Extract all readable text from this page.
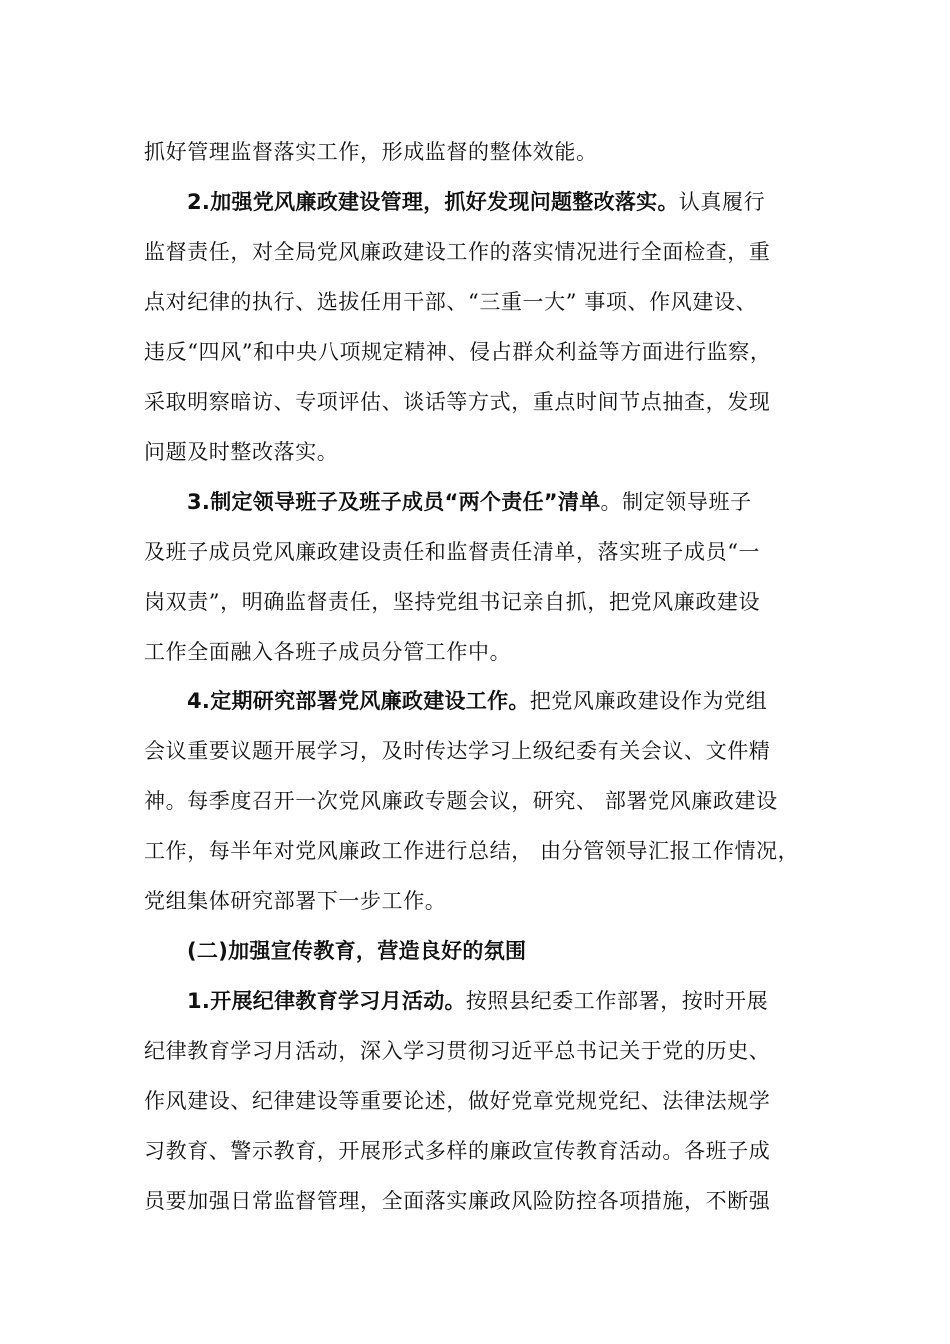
抓好管理监督落实工作，形成监督的整体效能。
2.加强党风廉政建设管理，抓好发现问题整改落实。认真履行
监督责任，对全局党风廉政建设工作的落实情况进行全面检查，重
点对纪律的执行、选拔任用干部、“三重一大” 事项、作风建设、
违反“四风”和中央八项规定精神、侵占群众利益等方面进行监察，
采取明察暗访、专项评估、谈话等方式，重点时间节点抽查，发现
问题及时整改落实。
3.制定领导班子及班子成员“两个责任”清单。制定领导班子
及班子成员党风廉政建设责任和监督责任清单，落实班子成员“一
岗双责”，明确监督责任，坚持党组书记亲自抓，把党风廉政建设
工作全面融入各班子成员分管工作中。
4.定期研究部署党风廉政建设工作。把党风廉政建设作为党组
会议重要议题开展学习，及时传达学习上级纪委有关会议、文件精
神。每季度召开一次党风廉政专题会议，研究、 部署党风廉政建设
工作，每半年对党风廉政工作进行总结， 由分管领导汇报工作情况，
党组集体研究部署下一步工作。
(二)加强宣传教育，营造良好的氛围
1.开展纪律教育学习月活动。按照县纪委工作部署，按时开展
纪律教育学习月活动，深入学习贯彻习近平总书记关于党的历史、
作风建设、纪律建设等重要论述，做好党章党规党纪、法律法规学
习教育、警示教育，开展形式多样的廉政宣传教育活动。各班子成
员要加强日常监督管理，全面落实廉政风险防控各项措施，不断强
